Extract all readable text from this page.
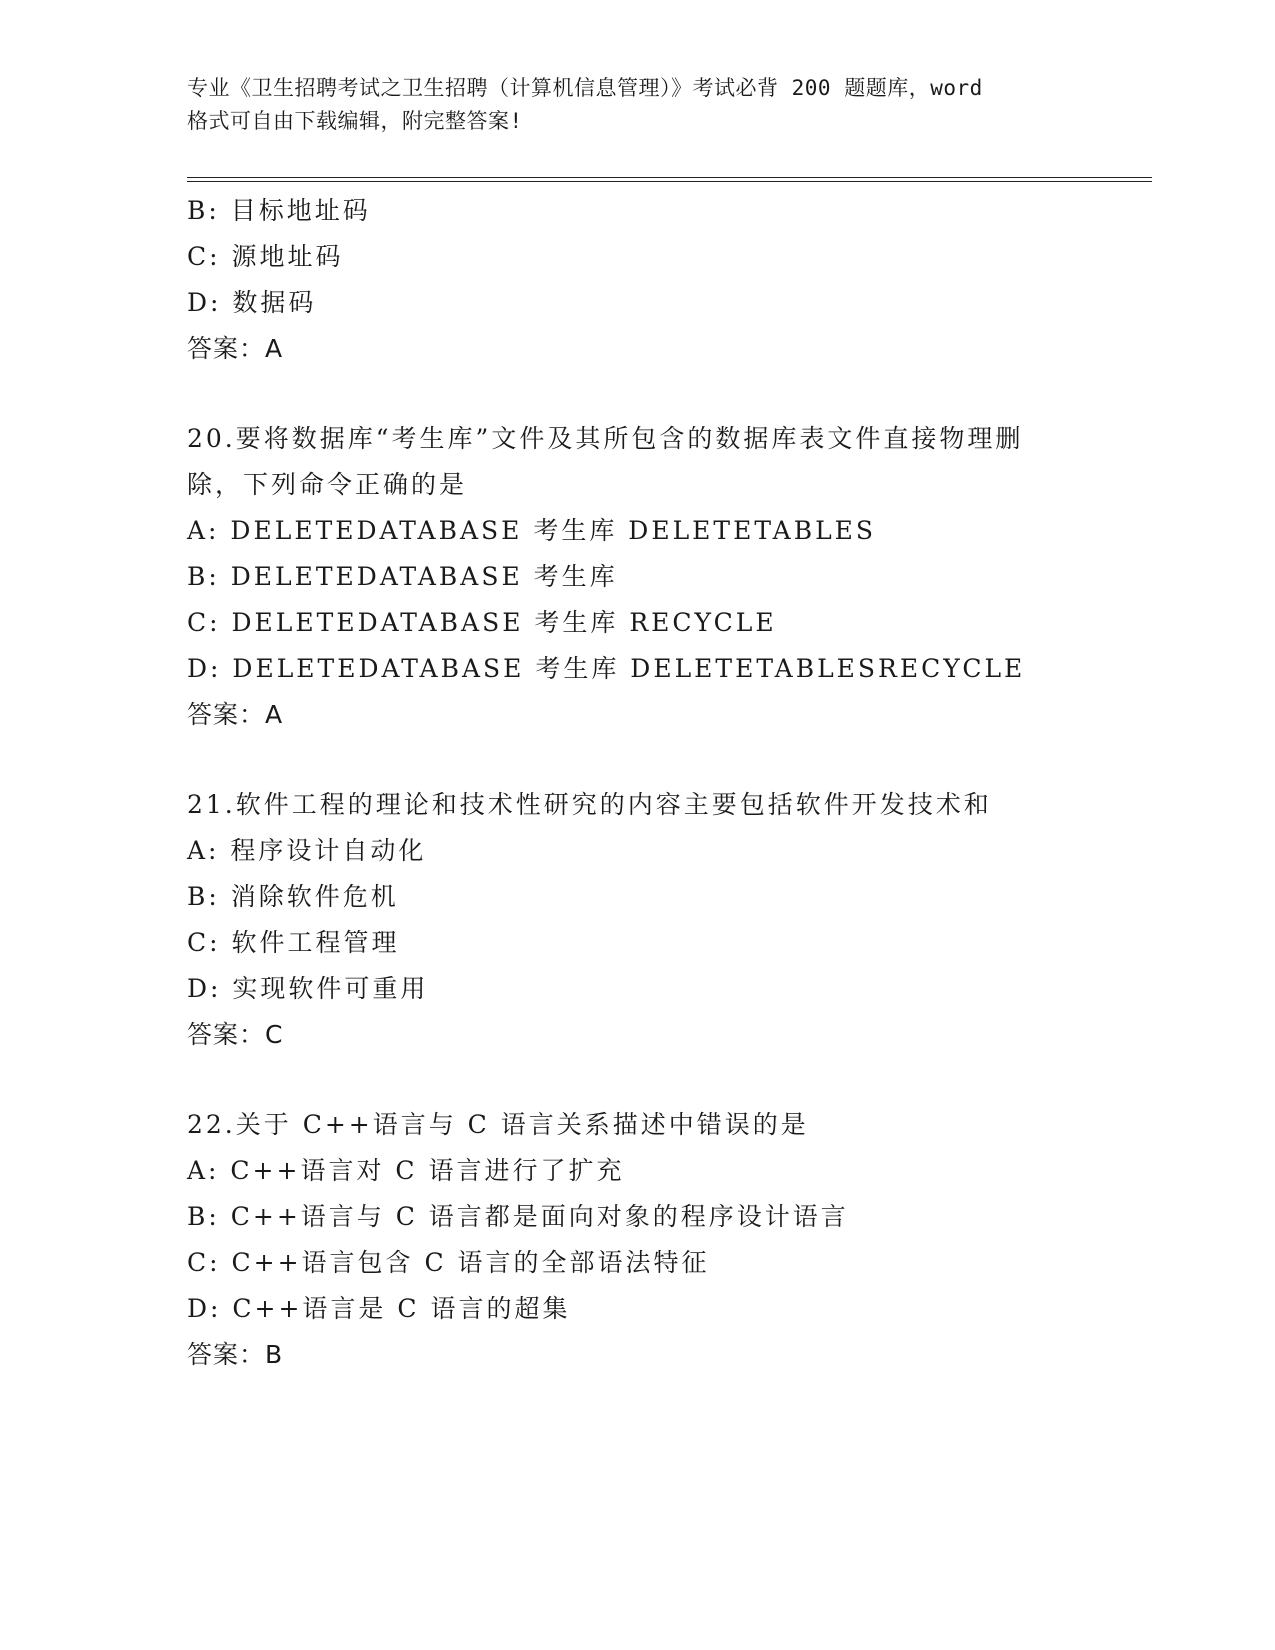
专业《卫生招聘考试之卫生招聘（计算机信息管理）》考试必背 200 题题库，word
格式可自由下载编辑，附完整答案!
B: 目标地址码
C: 源地址码
D: 数据码
答案：A
20.要将数据库“考生库”文件及其所包含的数据库表文件直接物理删
除，下列命令正确的是
A: DELETEDATABASE 考生库 DELETETABLES
B: DELETEDATABASE 考生库
C: DELETEDATABASE 考生库 RECYCLE
D: DELETEDATABASE 考生库 DELETETABLESRECYCLE
答案：A
21.软件工程的理论和技术性研究的内容主要包括软件开发技术和
A: 程序设计自动化
B: 消除软件危机
C: 软件工程管理
D: 实现软件可重用
答案：C
22.关于 C++语言与 C 语言关系描述中错误的是
A: C++语言对 C 语言进行了扩充
B: C++语言与 C 语言都是面向对象的程序设计语言
C: C++语言包含 C 语言的全部语法特征
D: C++语言是 C 语言的超集
答案：B
